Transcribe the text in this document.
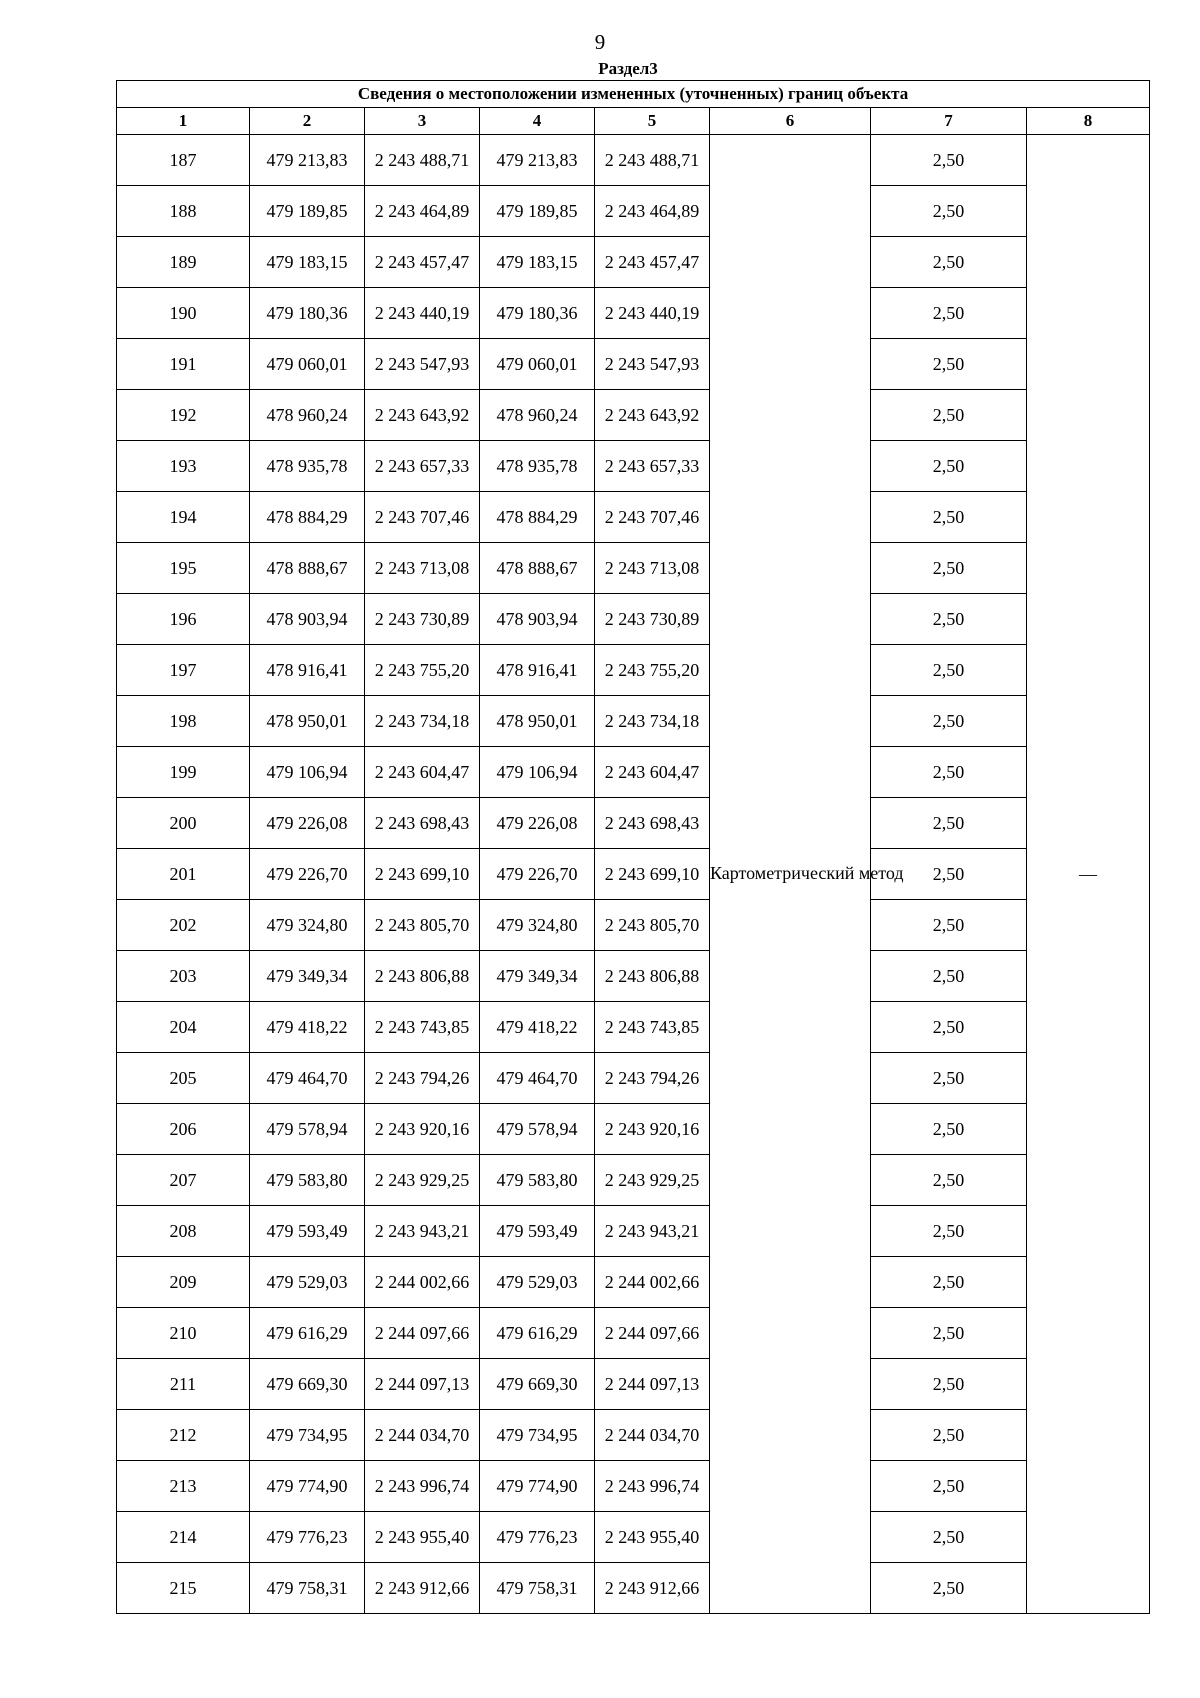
9
Раздел3
Сведения о местоположении измененных (уточненных) границ объекта							
1	2	3	4	5	6	7	8
187	479 213,83	2 243 488,71	479 213,83	2 243 488,71	Картометрический метод	2,50	—
188	479 189,85	2 243 464,89	479 189,85	2 243 464,89		2,50	
189	479 183,15	2 243 457,47	479 183,15	2 243 457,47		2,50	
190	479 180,36	2 243 440,19	479 180,36	2 243 440,19		2,50	
191	479 060,01	2 243 547,93	479 060,01	2 243 547,93		2,50	
192	478 960,24	2 243 643,92	478 960,24	2 243 643,92		2,50	
193	478 935,78	2 243 657,33	478 935,78	2 243 657,33		2,50	
194	478 884,29	2 243 707,46	478 884,29	2 243 707,46		2,50	
195	478 888,67	2 243 713,08	478 888,67	2 243 713,08		2,50	
196	478 903,94	2 243 730,89	478 903,94	2 243 730,89		2,50	
197	478 916,41	2 243 755,20	478 916,41	2 243 755,20		2,50	
198	478 950,01	2 243 734,18	478 950,01	2 243 734,18		2,50	
199	479 106,94	2 243 604,47	479 106,94	2 243 604,47		2,50	
200	479 226,08	2 243 698,43	479 226,08	2 243 698,43		2,50	
201	479 226,70	2 243 699,10	479 226,70	2 243 699,10		2,50	
202	479 324,80	2 243 805,70	479 324,80	2 243 805,70		2,50	
203	479 349,34	2 243 806,88	479 349,34	2 243 806,88		2,50	
204	479 418,22	2 243 743,85	479 418,22	2 243 743,85		2,50	
205	479 464,70	2 243 794,26	479 464,70	2 243 794,26		2,50	
206	479 578,94	2 243 920,16	479 578,94	2 243 920,16		2,50	
207	479 583,80	2 243 929,25	479 583,80	2 243 929,25		2,50	
208	479 593,49	2 243 943,21	479 593,49	2 243 943,21		2,50	
209	479 529,03	2 244 002,66	479 529,03	2 244 002,66		2,50	
210	479 616,29	2 244 097,66	479 616,29	2 244 097,66		2,50	
211	479 669,30	2 244 097,13	479 669,30	2 244 097,13		2,50	
212	479 734,95	2 244 034,70	479 734,95	2 244 034,70		2,50	
213	479 774,90	2 243 996,74	479 774,90	2 243 996,74		2,50	
214	479 776,23	2 243 955,40	479 776,23	2 243 955,40		2,50	
215	479 758,31	2 243 912,66	479 758,31	2 243 912,66		2,50	
